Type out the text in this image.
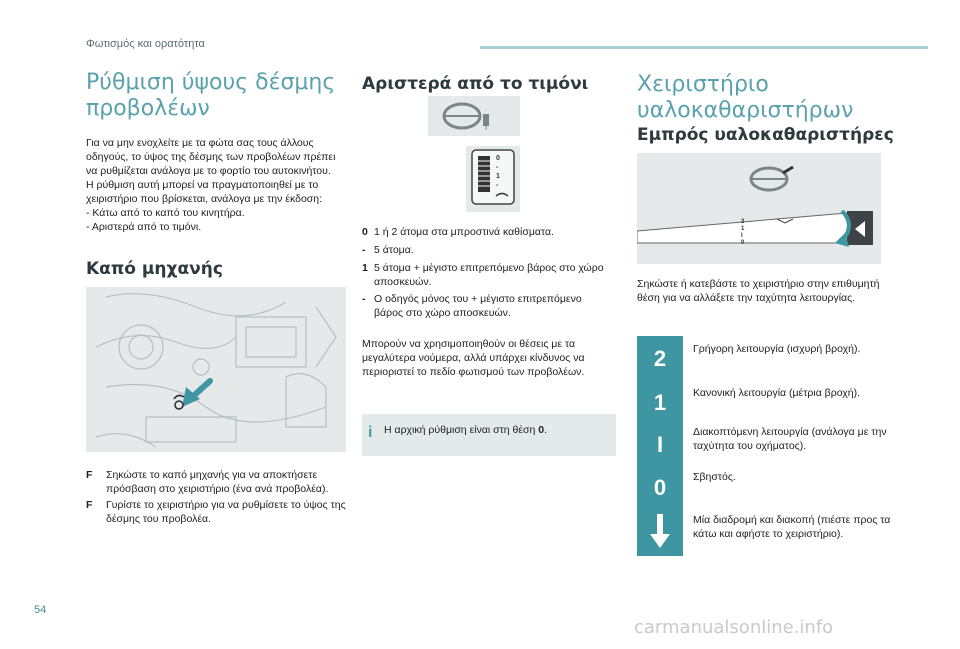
Φωτισμός και ορατότητα
Ρύθμιση ύψους δέσμης
προβολέων
Για να μην ενοχλείτε με τα φώτα σας τους άλλους
οδηγούς, το ύψος της δέσμης των προβολέων πρέπει
να ρυθμίζεται ανάλογα με το φορτίο του αυτοκινήτου.
Η ρύθμιση αυτή μπορεί να πραγματοποιηθεί με το
χειριστήριο που βρίσκεται, ανάλογα με την έκδοση:
- Κάτω από το καπό του κινητήρα.
- Αριστερά από το τιμόνι.
Καπό μηχανής
F Σηκώστε το καπό μηχανής για να αποκτήσετε
πρόσβαση στο χειριστήριο (ένα ανά προβολέα).
F Γυρίστε το χειριστήριο για να ρυθμίσετε το ύψος της
δέσμης του προβολέα.
Αριστερά από το τιμόνι
0
-
1
-
0 1 ή 2 άτομα στα μπροστινά καθίσματα.
- 5 άτομα.
1 5 άτομα + μέγιστο επιτρεπόμενο βάρος στο χώρο
αποσκευών.
- Ο οδηγός μόνος του + μέγιστο επιτρεπόμενο
βάρος στο χώρο αποσκευών.
Μπορούν να χρησιμοποιηθούν οι θέσεις με τα
μεγαλύτερα νούμερα, αλλά υπάρχει κίνδυνος να
περιοριστεί το πεδίο φωτισμού των προβολέων.
i Η αρχική ρύθμιση είναι στη θέση 0.
Χειριστήριο
υαλοκαθαριστήρων
Εμπρός υαλοκαθαριστήρες
2
1
I
0
Σηκώστε ή κατεβάστε το χειριστήριο στην επιθυμητή
θέση για να αλλάξετε την ταχύτητα λειτουργίας.
2	Γρήγορη λειτουργία (ισχυρή βροχή).
1	Κανονική λειτουργία (μέτρια βροχή).
I	Διακοπτόμενη λειτουργία (ανάλογα με την
ταχύτητα του οχήματος).
0	Σβηστός.
Μία διαδρομή και διακοπή (πιέστε προς τα
κάτω και αφήστε το χειριστήριο).
54
carmanualsonline.info
